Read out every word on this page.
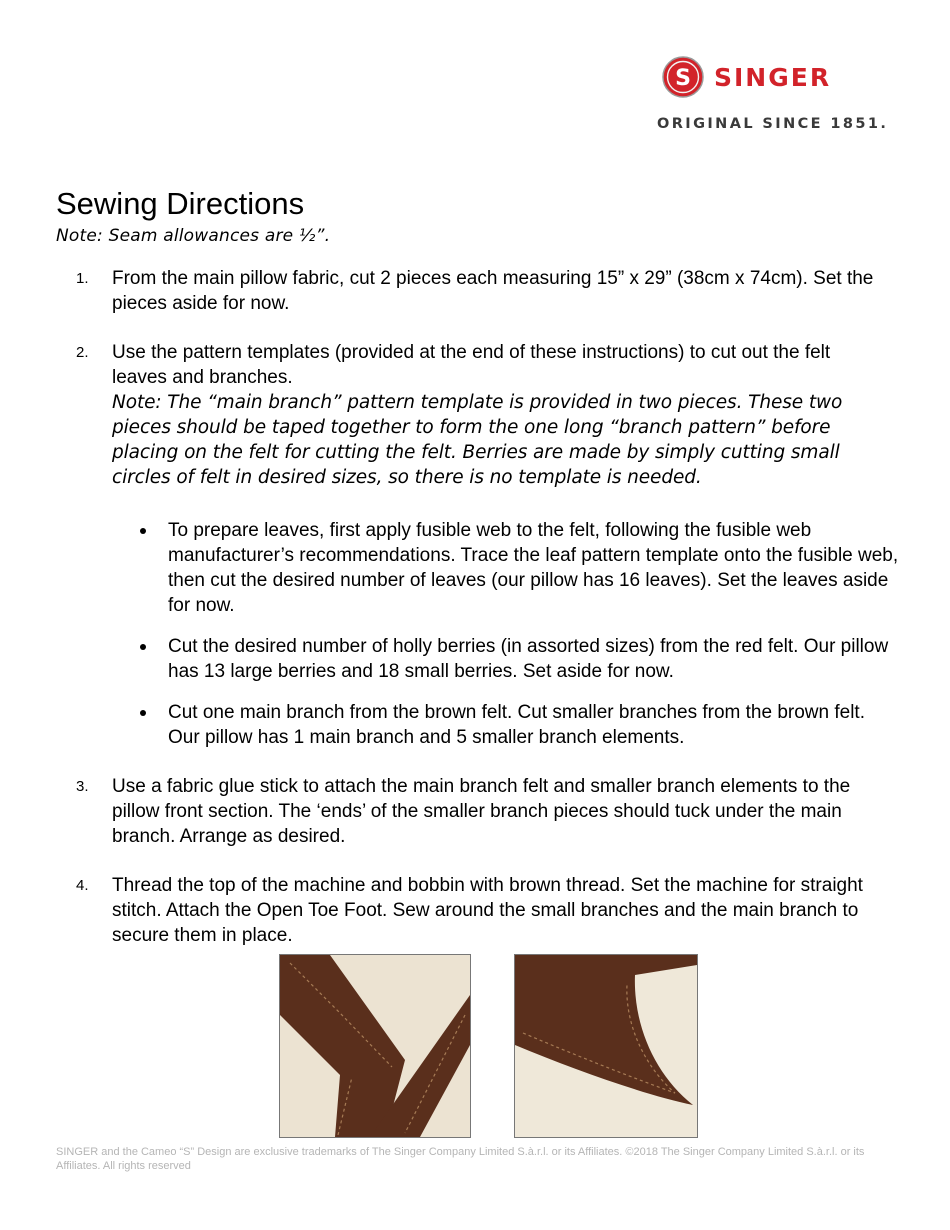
S SINGER
ORIGINAL SINCE 1851.
Sewing Directions
Note: Seam allowances are ½”.
1. From the main pillow fabric, cut 2 pieces each measuring 15” x 29” (38cm x 74cm). Set the pieces aside for now.
2. Use the pattern templates (provided at the end of these instructions) to cut out the felt leaves and branches.
Note: The “main branch” pattern template is provided in two pieces. These two pieces should be taped together to form the one long “branch pattern” before placing on the felt for cutting the felt. Berries are made by simply cutting small circles of felt in desired sizes, so there is no template is needed.
To prepare leaves, first apply fusible web to the felt, following the fusible web manufacturer’s recommendations. Trace the leaf pattern template onto the fusible web, then cut the desired number of leaves (our pillow has 16 leaves). Set the leaves aside for now.
Cut the desired number of holly berries (in assorted sizes) from the red felt. Our pillow has 13 large berries and 18 small berries. Set aside for now.
Cut one main branch from the brown felt. Cut smaller branches from the brown felt. Our pillow has 1 main branch and 5 smaller branch elements.
3. Use a fabric glue stick to attach the main branch felt and smaller branch elements to the pillow front section. The ‘ends’ of the smaller branch pieces should tuck under the main branch. Arrange as desired.
4. Thread the top of the machine and bobbin with brown thread. Set the machine for straight stitch. Attach the Open Toe Foot. Sew around the small branches and the main branch to secure them in place.
SINGER and the Cameo “S” Design are exclusive trademarks of The Singer Company Limited S.à.r.l. or its Affiliates. ©2018 The Singer Company Limited S.à.r.l. or its Affiliates. All rights reserved
